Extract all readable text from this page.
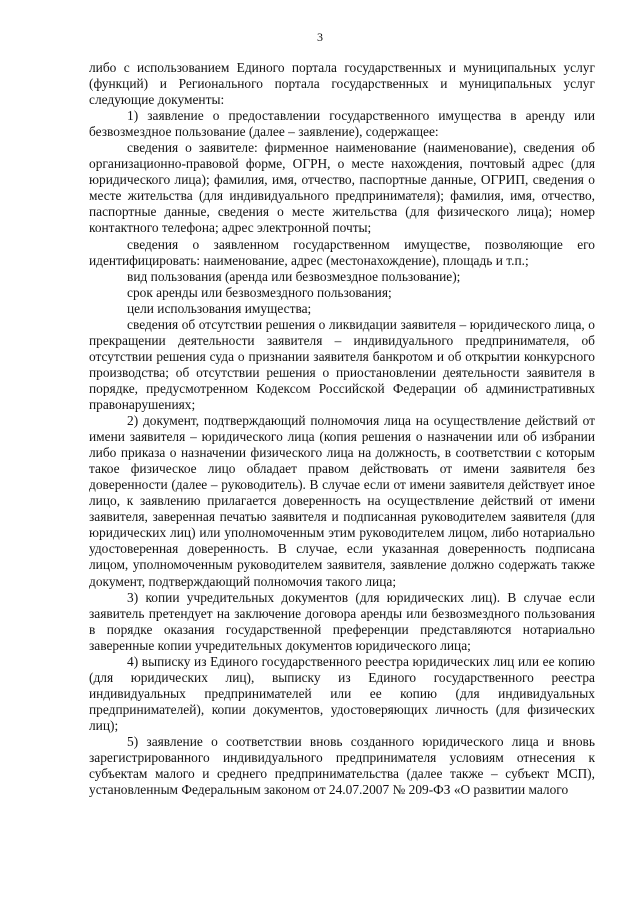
3

либо с использованием Единого портала государственных и муниципальных услуг (функций) и Регионального портала государственных и муниципальных услуг следующие документы:

1) заявление о предоставлении государственного имущества в аренду или безвозмездное пользование (далее – заявление), содержащее:

сведения о заявителе: фирменное наименование (наименование), сведения об организационно-правовой форме, ОГРН, о месте нахождения, почтовый адрес (для юридического лица); фамилия, имя, отчество, паспортные данные, ОГРИП, сведения о месте жительства (для индивидуального предпринимателя); фамилия, имя, отчество, паспортные данные, сведения о месте жительства (для физического лица); номер контактного телефона; адрес электронной почты;

сведения о заявленном государственном имуществе, позволяющие его идентифицировать: наименование, адрес (местонахождение), площадь и т.п.;

вид пользования (аренда или безвозмездное пользование);

срок аренды или безвозмездного пользования;

цели использования имущества;

сведения об отсутствии решения о ликвидации заявителя – юридического лица, о прекращении деятельности заявителя – индивидуального предпринимателя, об отсутствии решения суда о признании заявителя банкротом и об открытии конкурсного производства; об отсутствии решения о приостановлении деятельности заявителя в порядке, предусмотренном Кодексом Российской Федерации об административных правонарушениях;

2) документ, подтверждающий полномочия лица на осуществление действий от имени заявителя – юридического лица (копия решения о назначении или об избрании либо приказа о назначении физического лица на должность, в соответствии с которым такое физическое лицо обладает правом действовать от имени заявителя без доверенности (далее – руководитель). В случае если от имени заявителя действует иное лицо, к заявлению прилагается доверенность на осуществление действий от имени заявителя, заверенная печатью заявителя и подписанная руководителем заявителя (для юридических лиц) или уполномоченным этим руководителем лицом, либо нотариально удостоверенная доверенность. В случае, если указанная доверенность подписана лицом, уполномоченным руководителем заявителя, заявление должно содержать также документ, подтверждающий полномочия такого лица;

3) копии учредительных документов (для юридических лиц). В случае если заявитель претендует на заключение договора аренды или безвозмездного пользования в порядке оказания государственной преференции представляются нотариально заверенные копии учредительных документов юридического лица;

4) выписку из Единого государственного реестра юридических лиц или ее копию (для юридических лиц), выписку из Единого государственного реестра индивидуальных предпринимателей или ее копию (для индивидуальных предпринимателей), копии документов, удостоверяющих личность (для физических лиц);

5) заявление о соответствии вновь созданного юридического лица и вновь зарегистрированного индивидуального предпринимателя условиям отнесения к субъектам малого и среднего предпринимательства (далее также – субъект МСП), установленным Федеральным законом от 24.07.2007 № 209-ФЗ «О развитии малого
